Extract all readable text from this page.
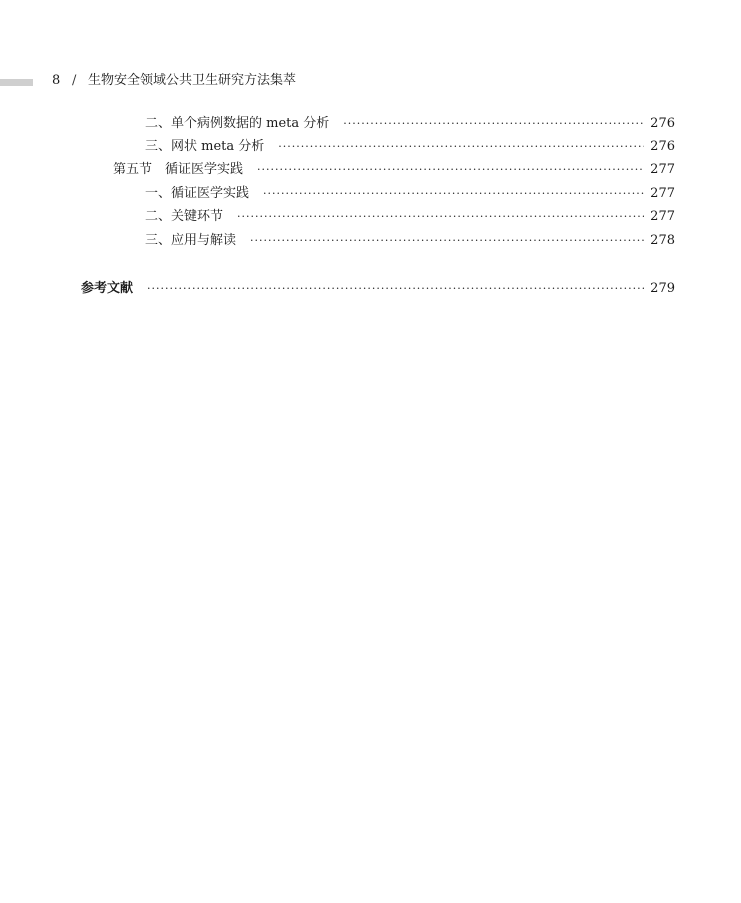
8 / 生物安全领域公共卫生研究方法集萃
二、单个病例数据的 meta 分析 ·····	276
三、网状 meta 分析 ·····	276
第五节　循证医学实践 ·····	277
一、循证医学实践 ·····	277
二、关键环节 ·····	277
三、应用与解读 ·····	278
参考文献 ·····	279
